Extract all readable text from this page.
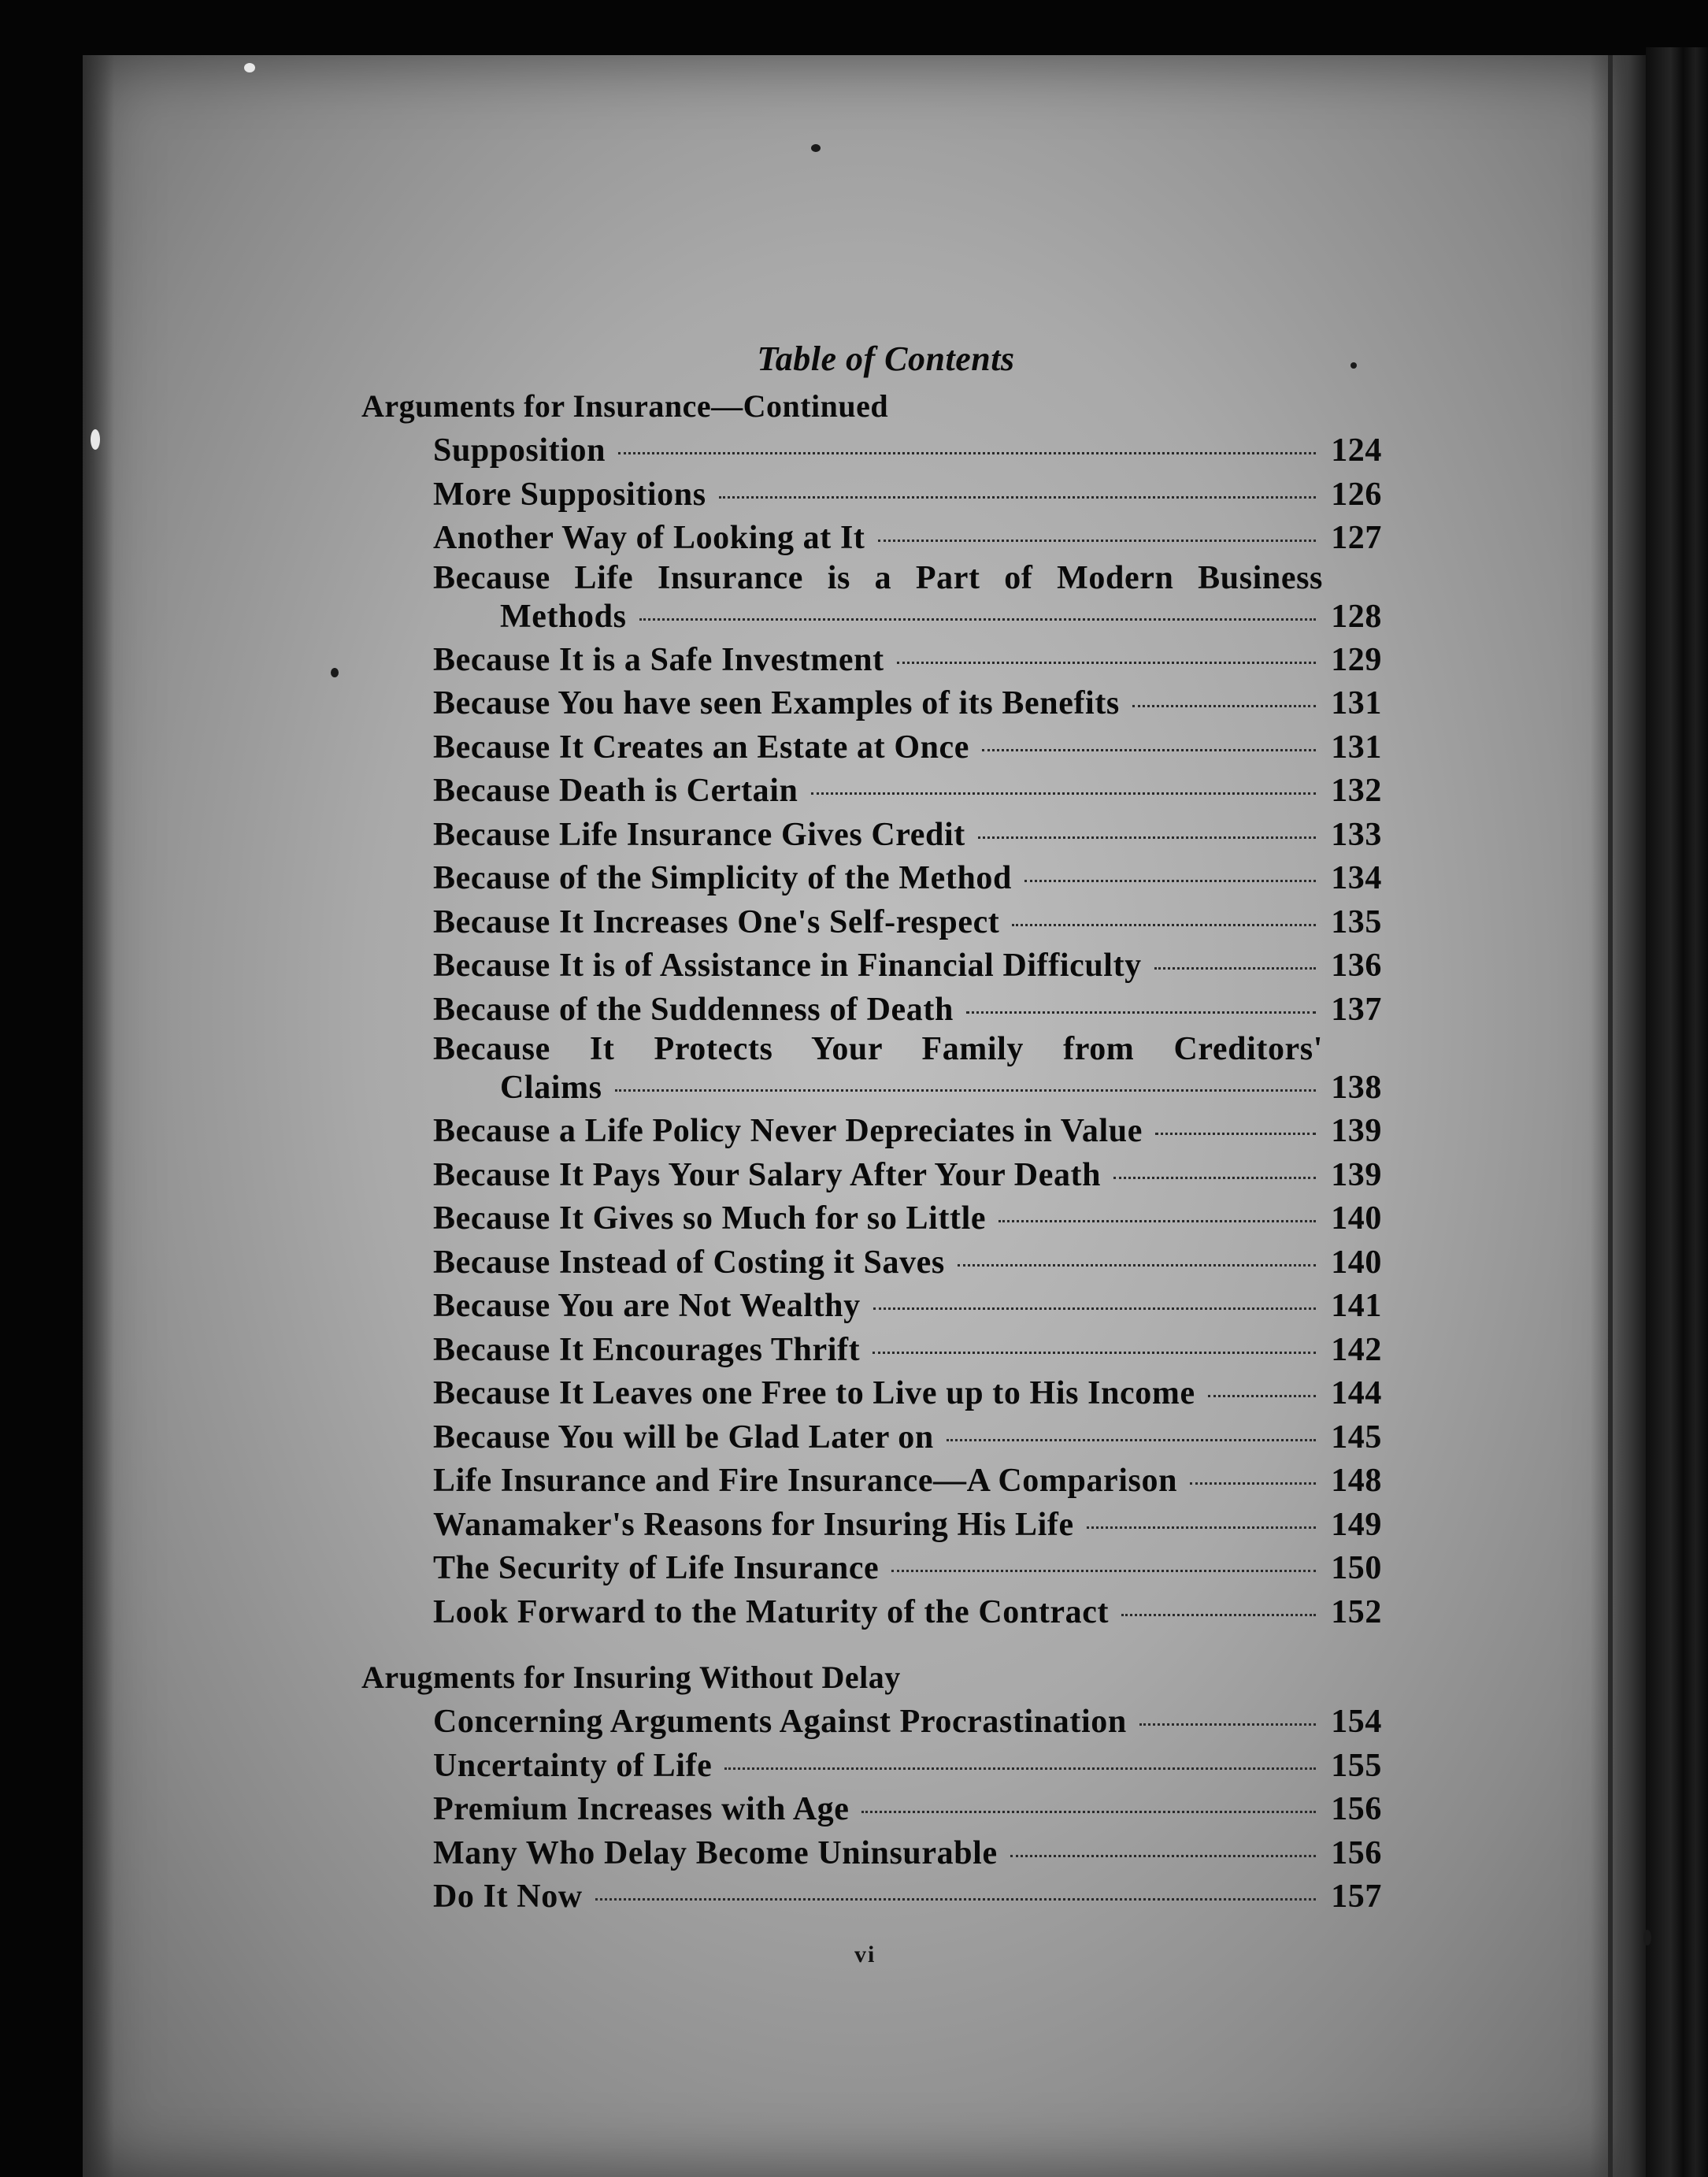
Table of Contents
Arguments for Insurance—Continued
Supposition	124
More Suppositions	126
Another Way of Looking at It	127
Because Life Insurance is a Part of Modern Business
Methods	128
Because It is a Safe Investment	129
Because You have seen Examples of its Benefits	131
Because It Creates an Estate at Once	131
Because Death is Certain	132
Because Life Insurance Gives Credit	133
Because of the Simplicity of the Method	134
Because It Increases One's Self-respect	135
Because It is of Assistance in Financial Difficulty	136
Because of the Suddenness of Death	137
Because It Protects Your Family from Creditors'
Claims	138
Because a Life Policy Never Depreciates in Value	139
Because It Pays Your Salary After Your Death	139
Because It Gives so Much for so Little	140
Because Instead of Costing it Saves	140
Because You are Not Wealthy	141
Because It Encourages Thrift	142
Because It Leaves one Free to Live up to His Income	144
Because You will be Glad Later on	145
Life Insurance and Fire Insurance—A Comparison	148
Wanamaker's Reasons for Insuring His Life	149
The Security of Life Insurance	150
Look Forward to the Maturity of the Contract	152
Arugments for Insuring Without Delay
Concerning Arguments Against Procrastination	154
Uncertainty of Life	155
Premium Increases with Age	156
Many Who Delay Become Uninsurable	156
Do It Now	157
vi
